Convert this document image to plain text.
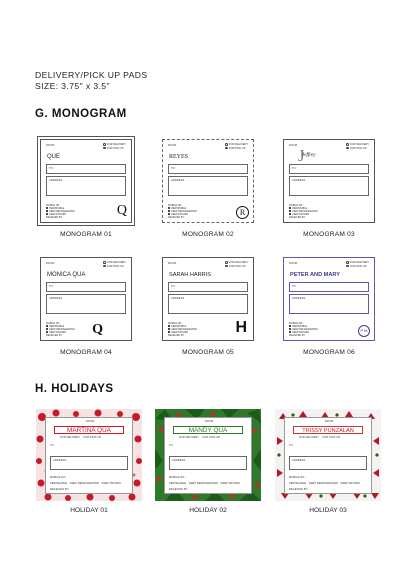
DELIVERY/PICK UP PADS
SIZE: 3.75" x 3.5"
G. MONOGRAM
FROM:	FOR DELIVERY
FOR PICK-UP
QUE
TO:
ADDRESS:
MOBILE NO.:
PERISHABLE
KEEP REFRIGERATED
KEEP FROZEN
RECEIVED BY:	Q
MONOGRAM 01
FROM:	FOR DELIVERY
FOR PICK-UP
REYES
TO:
ADDRESS:
MOBILE NO.:
PERISHABLE
KEEP REFRIGERATED
KEEP FROZEN
RECEIVED BY:
R
MONOGRAM 02
FROM:	FOR DELIVERY
FOR PICK-UP
J
Jeffrey
TO:
ADDRESS:
MOBILE NO.:
PERISHABLE
KEEP REFRIGERATED
KEEP FROZEN
RECEIVED BY:
MONOGRAM 03
FROM:	FOR DELIVERY
FOR PICK-UP
MONICA QUA
TO:
ADDRESS:
MOBILE NO.:
PERISHABLE
KEEP REFRIGERATED
KEEP FROZEN
RECEIVED BY:	Q
MONOGRAM 04
FROM:	FOR DELIVERY
FOR PICK-UP
SARAH HARRIS
TO:
ADDRESS:
MOBILE NO.:
PERISHABLE
KEEP REFRIGERATED
KEEP FROZEN
RECEIVED BY:	H
MONOGRAM 05
FROM:	FOR DELIVERY
FOR PICK-UP
PETER AND MARY
TO:
ADDRESS:
MOBILE NO.:
PERISHABLE
KEEP REFRIGERATED
KEEP FROZEN
RECEIVED BY:
P M
MONOGRAM 06
H. HOLIDAYS
FROM:
MARTINA QUA
FOR DELIVERY FOR PICK-UP
TO:
ADDRESS:
MOBILE NO.:
PERISHABLE KEEP REFRIGERATED KEEP FROZEN
RECEIVED BY:
HOLIDAY 01
FROM:
MANDY QUA
FOR DELIVERY FOR PICK-UP
TO:
ADDRESS:
MOBILE NO.:
PERISHABLE KEEP REFRIGERATED KEEP FROZEN
RECEIVED BY:
HOLIDAY 02
FROM:
TRISSY PUNZALAN
FOR DELIVERY FOR PICK-UP
TO:
ADDRESS:
MOBILE NO.:
PERISHABLE KEEP REFRIGERATED KEEP FROZEN
RECEIVED BY:
HOLIDAY 03
